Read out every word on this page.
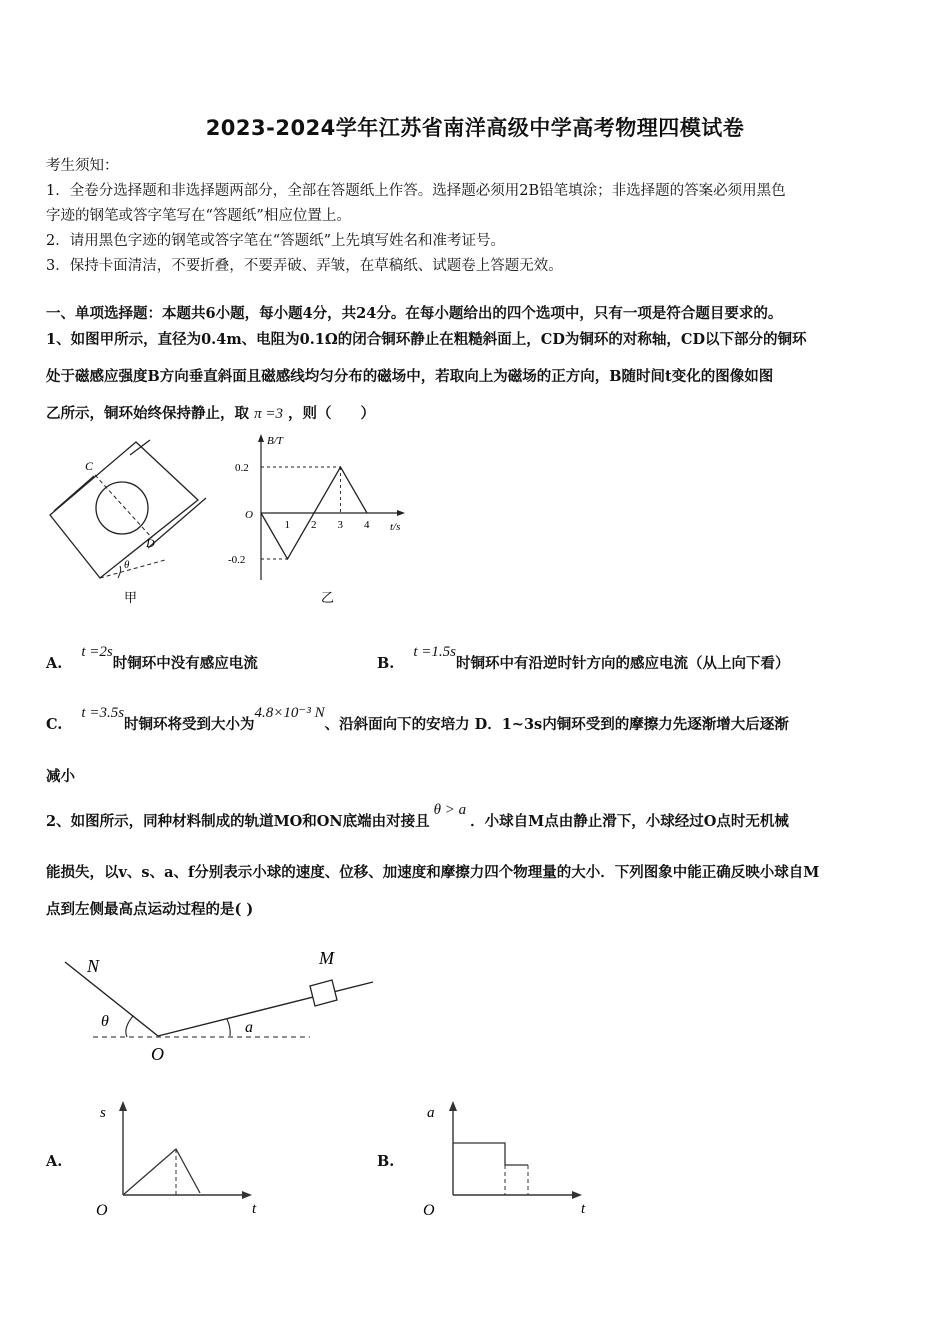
2023-2024学年江苏省南洋高级中学高考物理四模试卷
考生须知：
1．全卷分选择题和非选择题两部分，全部在答题纸上作答。选择题必须用2B铅笔填涂；非选择题的答案必须用黑色
字迹的钢笔或答字笔写在“答题纸”相应位置上。
2．请用黑色字迹的钢笔或答字笔在“答题纸”上先填写姓名和准考证号。
3．保持卡面清洁，不要折叠，不要弄破、弄皱，在草稿纸、试题卷上答题无效。
一、单项选择题：本题共6小题，每小题4分，共24分。在每小题给出的四个选项中，只有一项是符合题目要求的。
1、如图甲所示，直径为0.4m、电阻为0.1Ω的闭合铜环静止在粗糙斜面上，CD为铜环的对称轴，CD以下部分的铜环
处于磁感应强度B方向垂直斜面且磁感线均匀分布的磁场中，若取向上为磁场的正方向，B随时间t变化的图像如图
乙所示，铜环始终保持静止，取 π =3 ，则（　　）
C
D
θ
甲
B/T
t/s
O
0.2
-0.2
1 2 3 4
乙
A. t =2s时铜环中没有感应电流	B. t =1.5s时铜环中有沿逆时针方向的感应电流（从上向下看）
C. t =3.5s时铜环将受到大小为4.8×10⁻³ N、沿斜面向下的安培力 D．1~3s内铜环受到的摩擦力先逐渐增大后逐渐
减小
2、如图所示，同种材料制成的轨道MO和ON底端由对接且θ > a．小球自M点由静止滑下，小球经过O点时无机械
能损失，以v、s、a、f分别表示小球的速度、位移、加速度和摩擦力四个物理量的大小．下列图象中能正确反映小球自M
点到左侧最高点运动过程的是( )
N	M
O
θ	a
A.
s
t
O
B.
a
t
O
